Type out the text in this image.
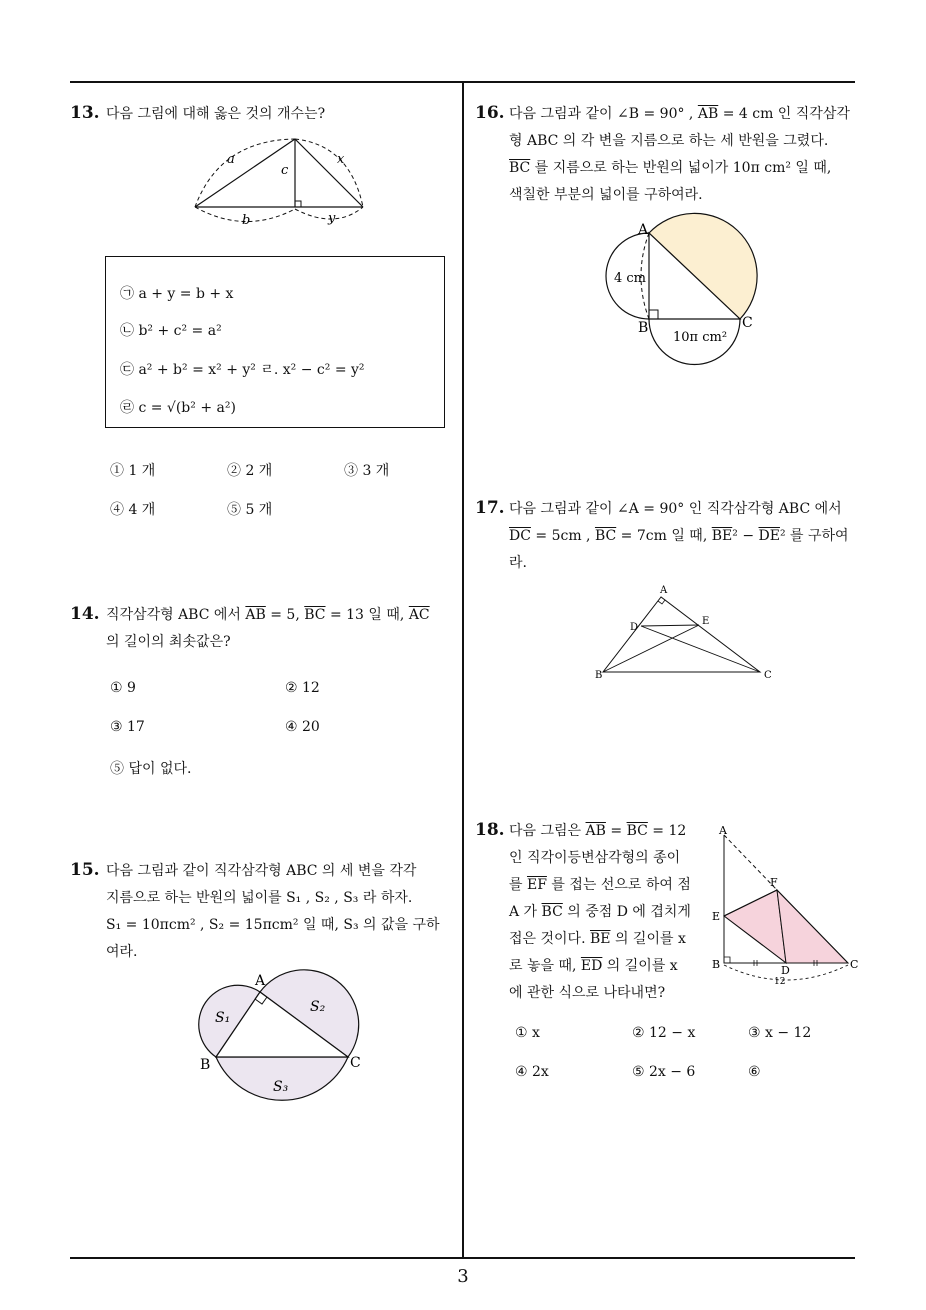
13. 다음 그림에 대해 옳은 것의 개수는?
a	x
c
b	y
㉠ a + y = b + x
㉡ b² + c² = a²
㉢ a² + b² = x² + y² ㄹ. x² − c² = y²
㉣ c = √(b² + a²)
① 1 개	② 2 개	③ 3 개
④ 4 개	⑤ 5 개
14. 직각삼각형 ABC 에서 $\overline{AB} = 5$, $\overline{BC} = 13$ 일 때, $\overline{AC}$
의 길이의 최솟값은?
① 9	② 12
③ 17	④ 20
⑤ 답이 없다.
15. 다음 그림과 같이 직각삼각형 ABC 의 세 변을 각각
지름으로 하는 반원의 넓이를 S₁ , S₂ , S₃ 라 하자.
S₁ = 10πcm² , S₂ = 15πcm² 일 때, S₃ 의 값을 구하
여라.
A
B	C
S₁
S₂
S₃
16. 다음 그림과 같이 ∠B = 90° , $\overline{AB} = 4$ cm 인 직각삼각
형 ABC 의 각 변을 지름으로 하는 세 반원을 그렸다.
$\overline{BC}$ 를 지름으로 하는 반원의 넓이가 10π cm² 일 때,
색칠한 부분의 넓이를 구하여라.
A
B	C
4 cm
10π cm²
17. 다음 그림과 같이 ∠A = 90° 인 직각삼각형 ABC 에서
$\overline{DC} = 5cm$ , $\overline{BC} = 7cm$ 일 때, $\overline{BE}^2 - \overline{DE}^2$ 를 구하여
라.
A
B	C
D
E
18. 다음 그림은 $\overline{AB} = \overline{BC} = 12$
인 직각이등변삼각형의 종이
를 $\overline{EF}$ 를 접는 선으로 하여 점
A 가 $\overline{BC}$ 의 중점 D 에 겹치게
접은 것이다. $\overline{BE}$ 의 길이를 x
로 놓을 때, $\overline{ED}$ 의 길이를 x
에 관한 식으로 나타내면?
A
B	C
D
E
F
12
① x	② 12 − x	③ x − 12
④ 2x	⑤ 2x − 6	⑥
3
